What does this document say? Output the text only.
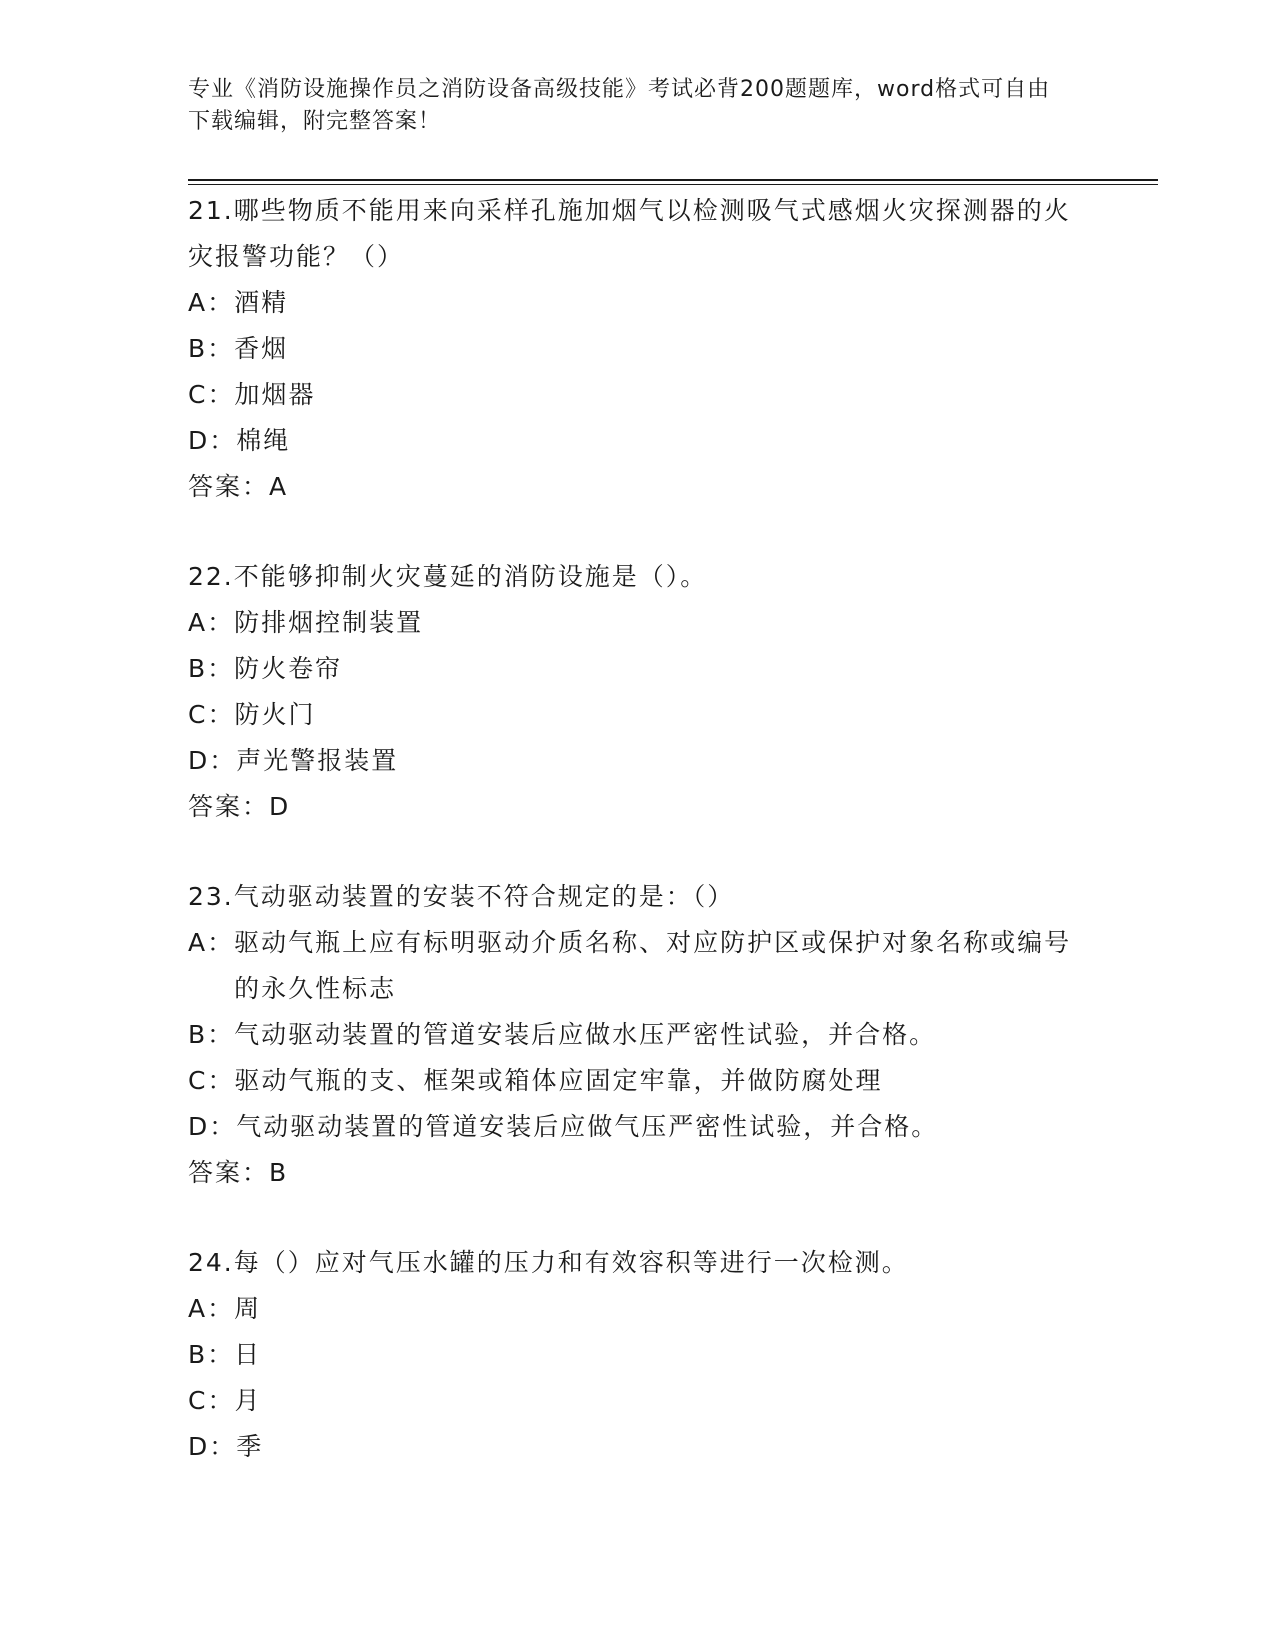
专业《消防设施操作员之消防设备高级技能》考试必背200题题库，word格式可自由下载编辑，附完整答案！
21.哪些物质不能用来向采样孔施加烟气以检测吸气式感烟火灾探测器的火灾报警功能？（）
A： 酒精
B： 香烟
C： 加烟器
D： 棉绳
答案：A
22.不能够抑制火灾蔓延的消防设施是（）。
A： 防排烟控制装置
B： 防火卷帘
C： 防火门
D： 声光警报装置
答案：D
23.气动驱动装置的安装不符合规定的是：（）
A： 驱动气瓶上应有标明驱动介质名称、对应防护区或保护对象名称或编号的永久性标志
B： 气动驱动装置的管道安装后应做水压严密性试验，并合格。
C： 驱动气瓶的支、框架或箱体应固定牢靠，并做防腐处理
D： 气动驱动装置的管道安装后应做气压严密性试验，并合格。
答案：B
24.每（）应对气压水罐的压力和有效容积等进行一次检测。
A： 周
B： 日
C： 月
D： 季
